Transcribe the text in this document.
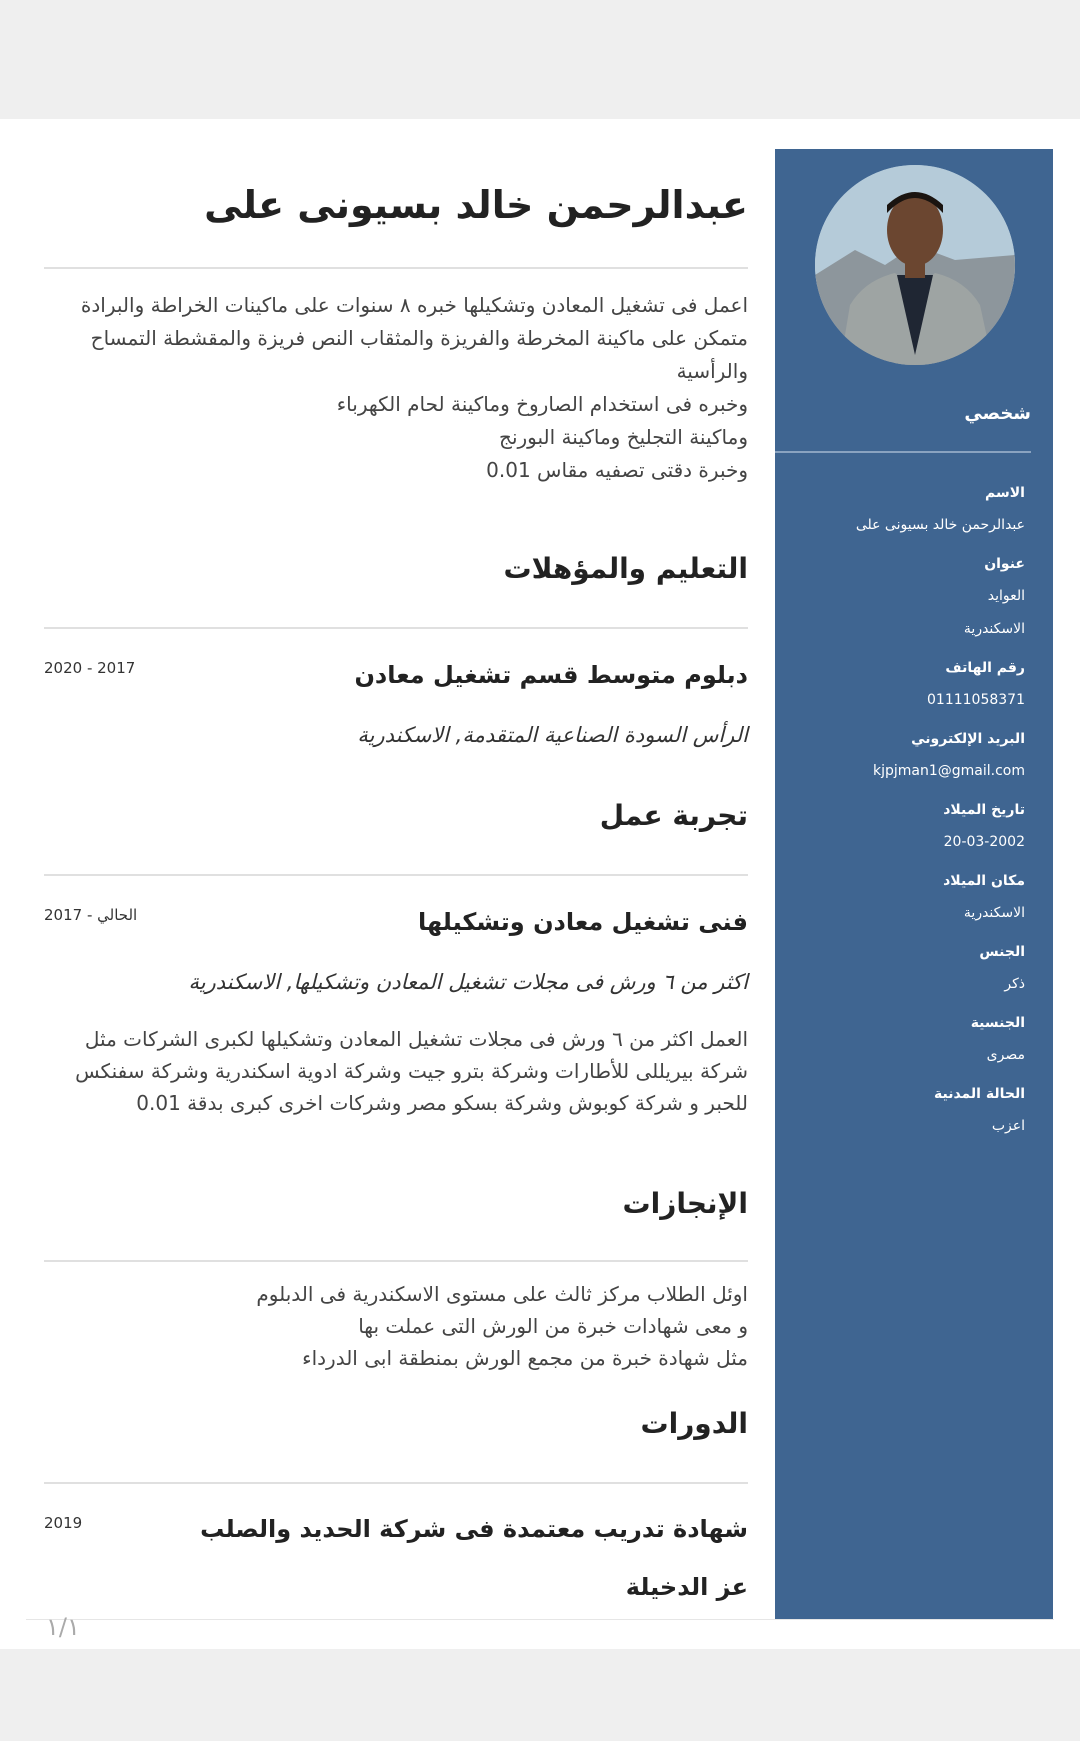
شخصي
الاسم
عبدالرحمن خالد بسيونى على
عنوان
العوايد
الاسكندرية
رقم الهاتف
01111058371
البريد الإلكتروني
kjpjman1@gmail.com
تاريخ الميلاد
20-03-2002
مكان الميلاد
الاسكندرية
الجنس
ذكر
الجنسية
مصرى
الحالة المدنية
اعزب
عبدالرحمن خالد بسيونى على
اعمل فى تشغيل المعادن وتشكيلها خبره ٨ سنوات على ماكينات الخراطة والبرادة
متمكن على ماكينة المخرطة والفريزة والمثقاب النص فريزة والمقشطة التمساح والرأسية
وخبره فى استخدام الصاروخ وماكينة لحام الكهرباء
وماكينة التجليخ وماكينة البورنج
وخبرة دقتى تصفيه مقاس 0.01
التعليم والمؤهلات
2020 - 2017	دبلوم متوسط قسم تشغيل معادن
الرأس السودة الصناعية المتقدمة, الاسكندرية
تجربة عمل
2017 - الحالي	فنى تشغيل معادن وتشكيلها
اكثر من ٦ ورش فى مجلات تشغيل المعادن وتشكيلها, الاسكندرية
العمل اكثر من ٦ ورش فى مجلات تشغيل المعادن وتشكيلها لكبرى الشركات مثل شركة بيريللى للأطارات وشركة بترو جيت وشركة ادوية اسكندرية وشركة سفنكس للحبر و شركة كوبوش وشركة بسكو مصر وشركات اخرى كبرى بدقة 0.01
الإنجازات
اوئل الطلاب مركز ثالث على مستوى الاسكندرية فى الدبلوم
و معى شهادات خبرة من الورش التى عملت بها
مثل شهادة خبرة من مجمع الورش بمنطقة ابى الدرداء
الدورات
2019	شهادة تدريب معتمدة فى شركة الحديد والصلب
عز الدخيلة
١/١
